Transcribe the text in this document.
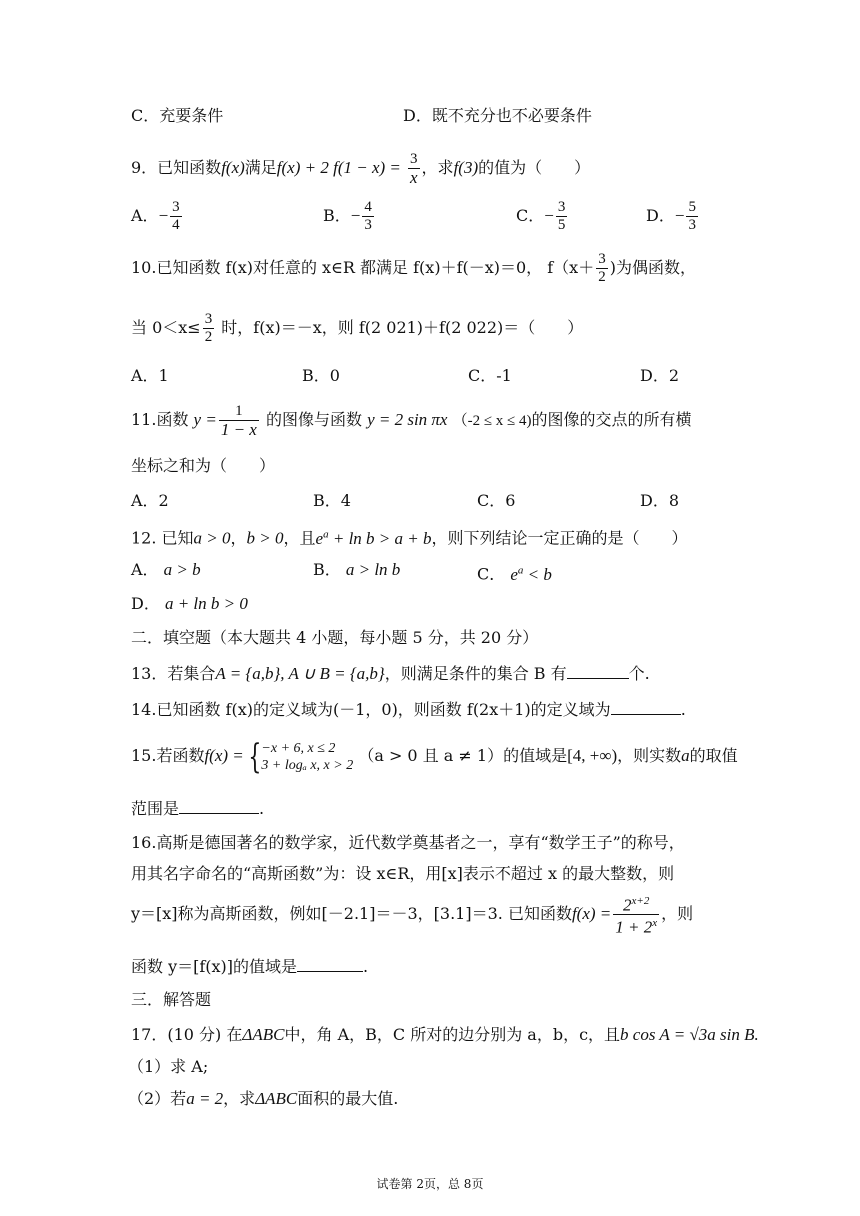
C．充要条件	D．既不充分也不必要条件
9．已知函数f(x)满足f(x) + 2 $f(1 - x) = \frac{3}{x}$ ，求f(3)的值为（　　）
A．− $\frac{3}{4}$	B．− $\frac{4}{3}$	C．− $\frac{3}{5}$	D．− $\frac{5}{3}$
10.已知函数 f(x)对任意的 x∈R 都满足 f(x)＋f(－x)＝0， $f(x+ \frac{3}{2}$ )为偶函数，
当 $0<x\le \frac{3}{2}$ 时，f(x)＝－x，则 f(2 021)＋f(2 022)＝（　　）
A．1	B．0	C．-1	D．2
11.函数 $y = \frac{1}{1 - x}$ 的图像与函数 y = 2 sin πx （-2 ≤ x ≤ 4)的图像的交点的所有横
坐标之和为（　　）
A．2	B．4	C．6	D．8
12. 已知a > 0，b > 0，且$e^a + \ln b > a + b$，则下列结论一定正确的是（　　）
A． a > b	B． a > ln b	C． $e^a < b$
D． a + ln b > 0
二．填空题（本大题共 4 小题，每小题 5 分，共 20 分）
13．若集合A = {a,b}, A ∪ B = {a,b}，则满足条件的集合 B 有	个.
14.已知函数 f(x)的定义域为(－1，0)，则函数 f(2x＋1)的定义域为	.
15.若函数f(x) = { −x + 6, x ≤ 2
3 + logₐ x, x > 2 （a > 0 且 a ≠ 1）的值域是[4, +∞)，则实数a的取值
范围是	.
16.高斯是德国著名的数学家，近代数学奠基者之一，享有“数学王子”的称号，
用其名字命名的“高斯函数”为：设 x∈R，用[x]表示不超过 x 的最大整数，则
y＝[x]称为高斯函数，例如[－2.1]＝－3，[3.1]＝3. 已知函数$f(x) = \frac{2^{x+2}}{1 + 2^x}$ ，则
函数 y＝[f(x)]的值域是	.
三．解答题
17．(10 分) 在ΔABC中，角 A，B，C 所对的边分别为 a，b，c，且b cos A = √3a sin B.
（1）求 A;
（2）若a = 2，求ΔABC面积的最大值.
试卷第 2页，总 8页
